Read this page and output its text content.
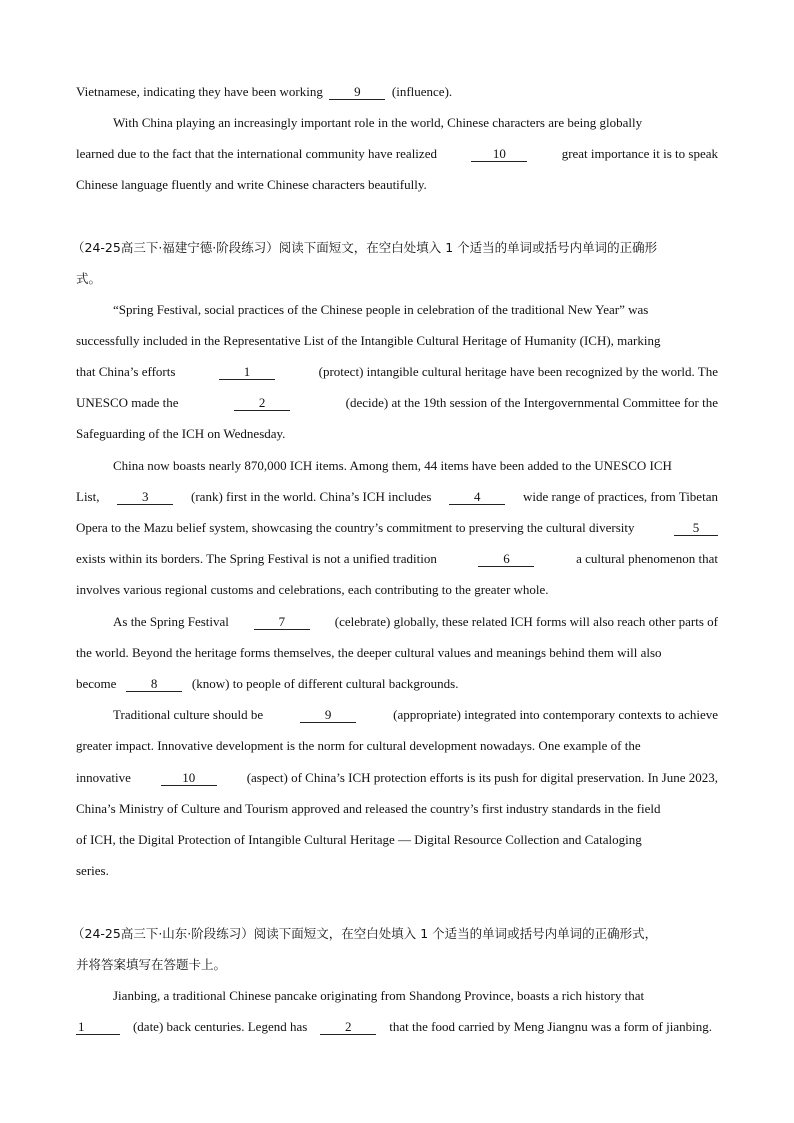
Vietnamese, indicating they have been working
	9
	(influence).
With China playing an increasingly important role in the world, Chinese characters are being globally
learned due to the fact that the international community have realized	10	great importance it is to speak
Chinese language fluently and write Chinese characters beautifully.
（24-25高三下·福建宁德·阶段练习）阅读下面短文，在空白处填入 1 个适当的单词或括号内单词的正确形
式。
“Spring Festival, social practices of the Chinese people in celebration of the traditional New Year” was
successfully included in the Representative List of the Intangible Cultural Heritage of Humanity (ICH), marking
that China’s efforts	1	(protect) intangible cultural heritage have been recognized by the world. The
UNESCO made the	2	(decide) at the 19th session of the Intergovernmental Committee for the
Safeguarding of the ICH on Wednesday.
China now boasts nearly 870,000 ICH items. Among them, 44 items have been added to the UNESCO ICH
List,	3	(rank) first in the world. China’s ICH includes	4	wide range of practices, from Tibetan
Opera to the Mazu belief system, showcasing the country’s commitment to preserving the cultural diversity	5
exists within its borders. The Spring Festival is not a unified tradition	6	a cultural phenomenon that
involves various regional customs and celebrations, each contributing to the greater whole.
As the Spring Festival	7	(celebrate) globally, these related ICH forms will also reach other parts of
the world. Beyond the heritage forms themselves, the deeper cultural values and meanings behind them will also
become
	8
	(know) to people of different cultural backgrounds.
Traditional culture should be	9	(appropriate) integrated into contemporary contexts to achieve
greater impact. Innovative development is the norm for cultural development nowadays. One example of the
innovative	10	(aspect) of China’s ICH protection efforts is its push for digital preservation. In June 2023,
China’s Ministry of Culture and Tourism approved and released the country’s first industry standards in the field
of ICH, the Digital Protection of Intangible Cultural Heritage — Digital Resource Collection and Cataloging
series.
（24-25高三下·山东·阶段练习）阅读下面短文，在空白处填入 1 个适当的单词或括号内单词的正确形式，
并将答案填写在答题卡上。
Jianbing, a traditional Chinese pancake originating from Shandong Province, boasts a rich history that
1	(date) back centuries. Legend has	2	that the food carried by Meng Jiangnu was a form of jianbing.
